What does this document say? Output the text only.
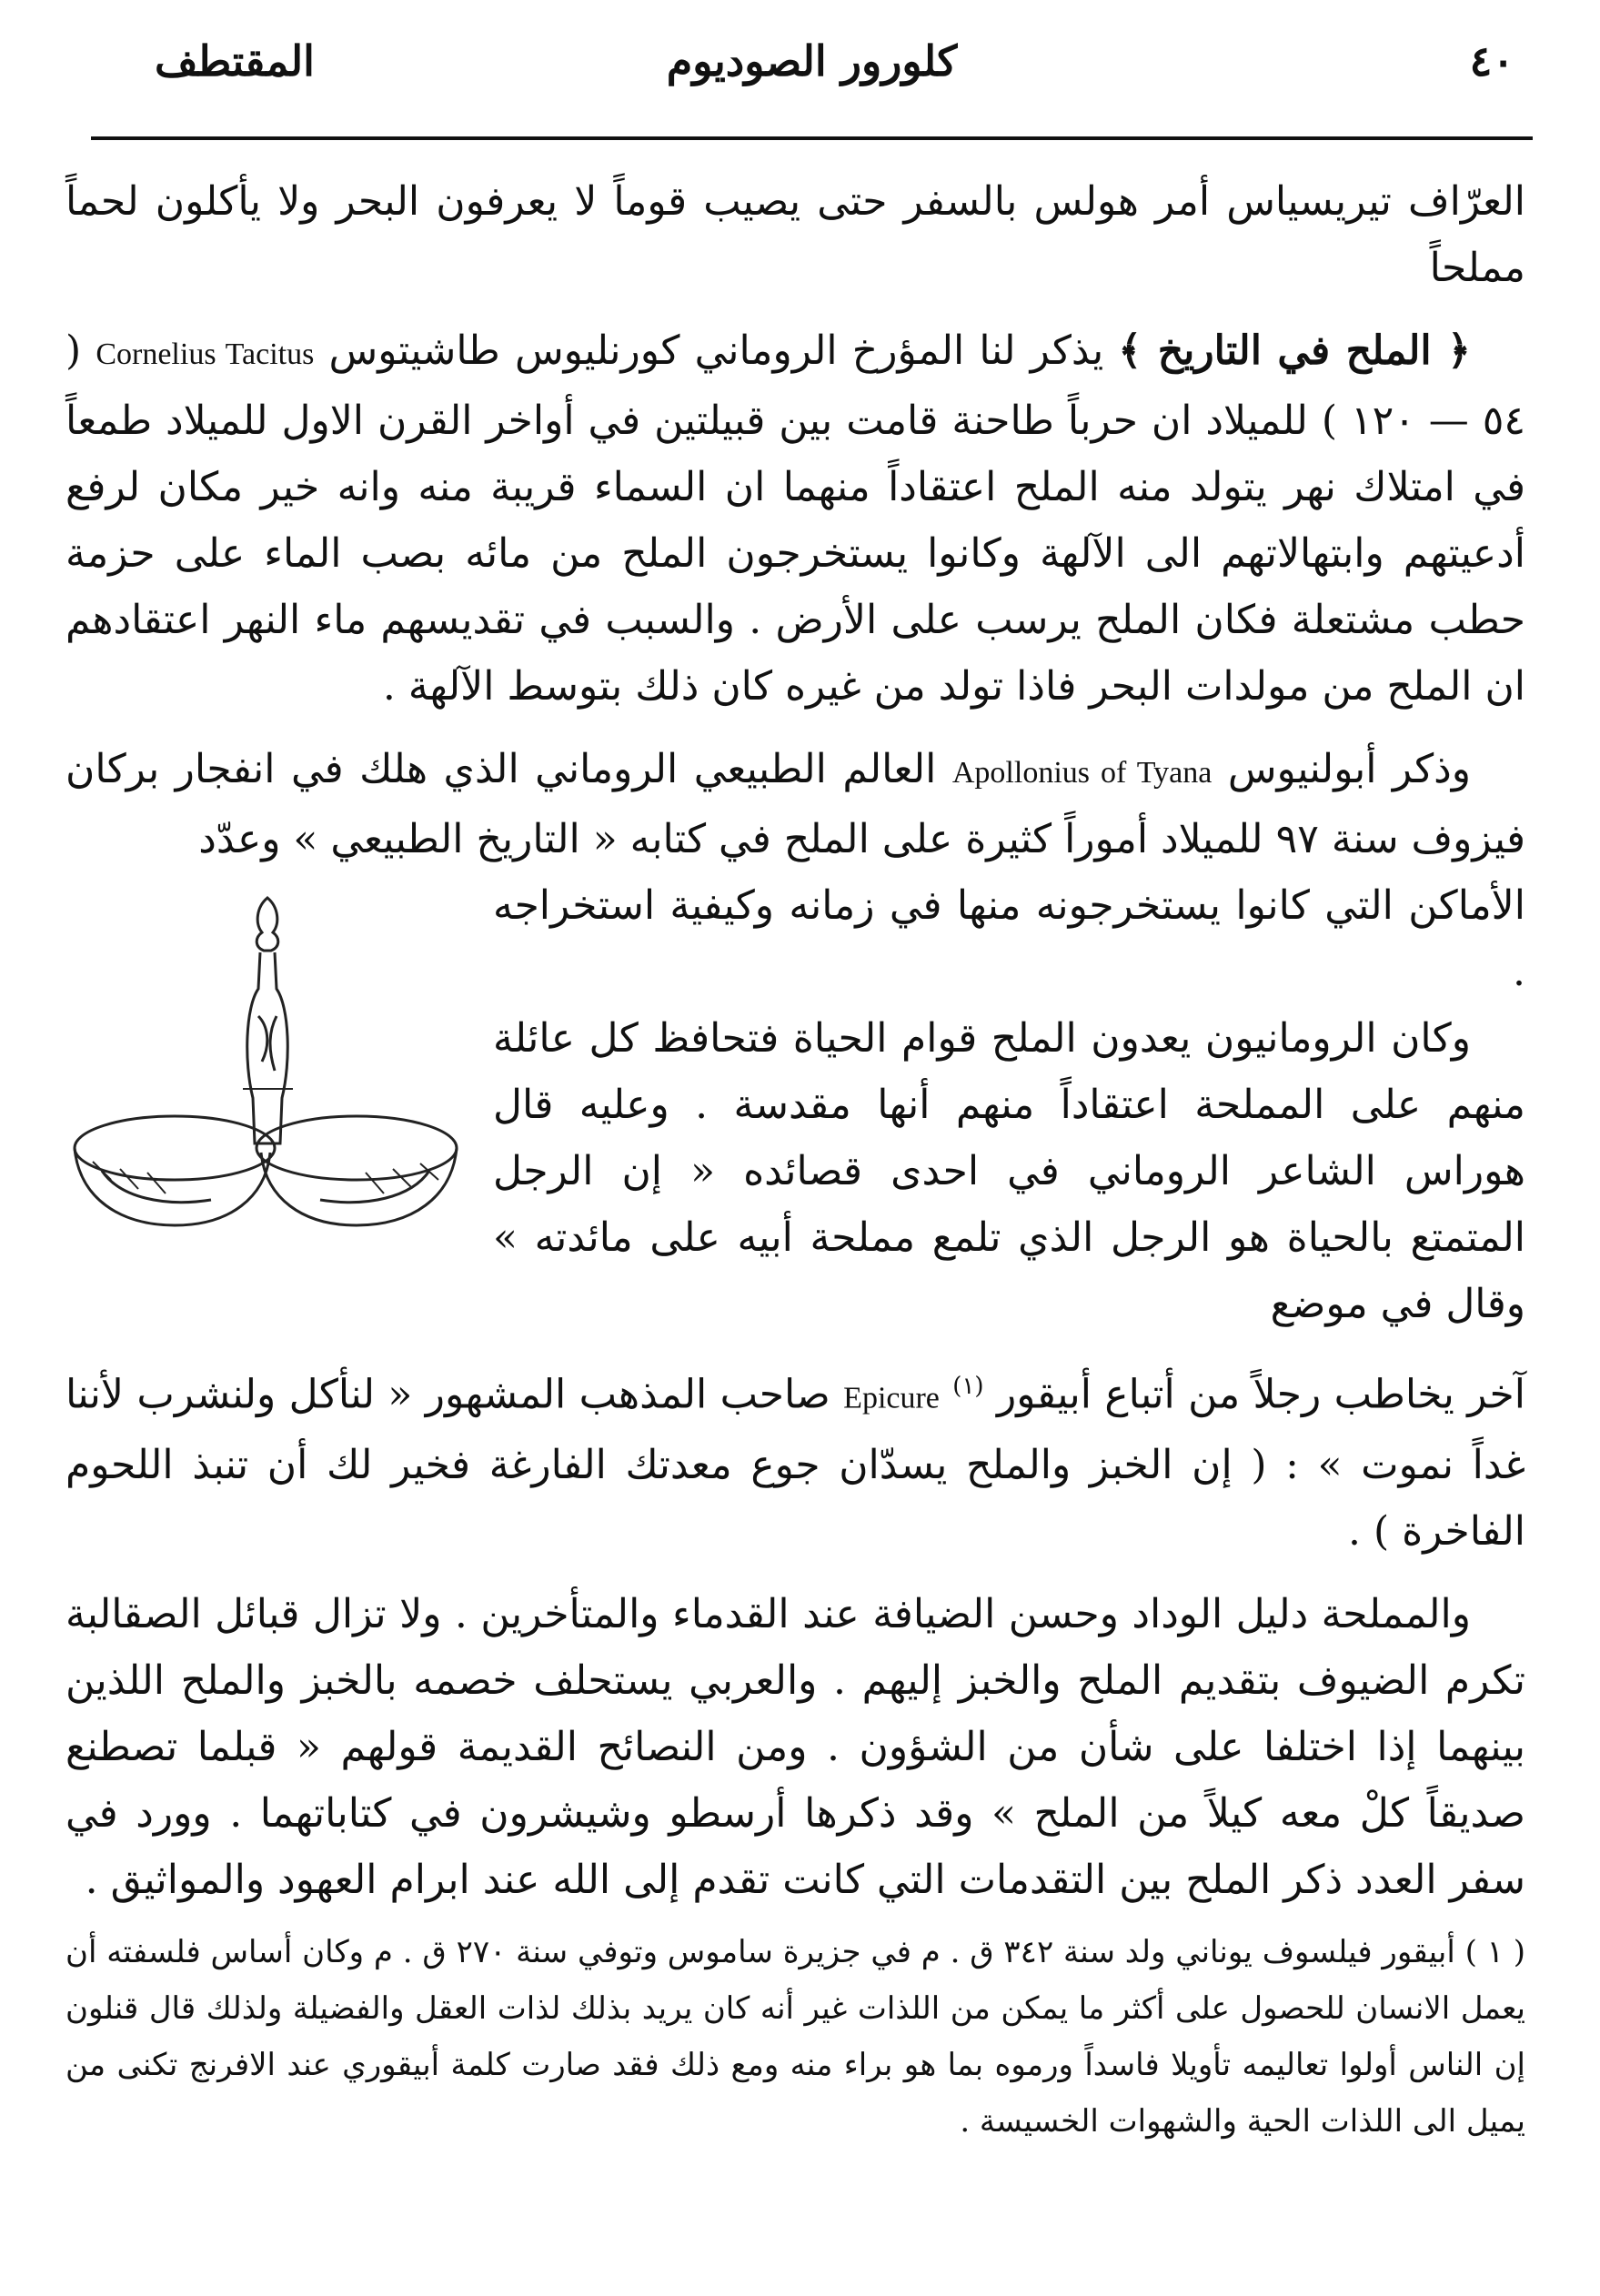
المقتطف	كلورور الصوديوم	٤٠

العرّاف تيريسياس أمر هولس بالسفر حتى يصيب قوماً لا يعرفون البحر ولا يأكلون لحماً مملحاً

﴿ الملح في التاريخ ﴾ يذكر لنا المؤرخ الروماني كورنليوس طاشيتوس Cornelius Tacitus ( ٥٤ — ١٢٠ ) للميلاد ان حرباً طاحنة قامت بين قبيلتين في أواخر القرن الاول للميلاد طمعاً في امتلاك نهر يتولد منه الملح اعتقاداً منهما ان السماء قريبة منه وانه خير مكان لرفع أدعيتهم وابتهالاتهم الى الآلهة وكانوا يستخرجون الملح من مائه بصب الماء على حزمة حطب مشتعلة فكان الملح يرسب على الأرض . والسبب في تقديسهم ماء النهر اعتقادهم ان الملح من مولدات البحر فاذا تولد من غيره كان ذلك بتوسط الآلهة .

وذكر أبولنيوس Apollonius of Tyana العالم الطبيعي الروماني الذي هلك في انفجار بركان فيزوف سنة ٩٧ للميلاد أموراً كثيرة على الملح في كتابه « التاريخ الطبيعي » وعدّد

الأماكن التي كانوا يستخرجونه منها في زمانه وكيفية استخراجه .

وكان الرومانيون يعدون الملح قوام الحياة فتحافظ كل عائلة منهم على المملحة اعتقاداً منهم أنها مقدسة . وعليه قال هوراس الشاعر الروماني في احدى قصائده « إن الرجل المتمتع بالحياة هو الرجل الذي تلمع مملحة أبيه على مائدته » وقال في موضع

آخر يخاطب رجلاً من أتباع أبيقور $^{(١)}$ Epicure صاحب المذهب المشهور « لنأكل ولنشرب لأننا غداً نموت » : ( إن الخبز والملح يسدّان جوع معدتك الفارغة فخير لك أن تنبذ اللحوم الفاخرة ) .

والمملحة دليل الوداد وحسن الضيافة عند القدماء والمتأخرين . ولا تزال قبائل الصقالبة تكرم الضيوف بتقديم الملح والخبز إليهم . والعربي يستحلف خصمه بالخبز والملح اللذين بينهما إذا اختلفا على شأن من الشؤون . ومن النصائح القديمة قولهم « قبلما تصطنع صديقاً كلْ معه كيلاً من الملح » وقد ذكرها أرسطو وشيشرون في كتاباتهما . وورد في سفر العدد ذكر الملح بين التقدمات التي كانت تقدم إلى الله عند ابرام العهود والمواثيق .

( ١ ) أبيقور فيلسوف يوناني ولد سنة ٣٤٢ ق . م في جزيرة ساموس وتوفي سنة ٢٧٠ ق . م وكان أساس فلسفته أن يعمل الانسان للحصول على أكثر ما يمكن من اللذات غير أنه كان يريد بذلك لذات العقل والفضيلة ولذلك قال قنلون إن الناس أولوا تعاليمه تأويلا فاسداً ورموه بما هو براء منه ومع ذلك فقد صارت كلمة أبيقوري عند الافرنج تكنى من يميل الى اللذات الحية والشهوات الخسيسة .
